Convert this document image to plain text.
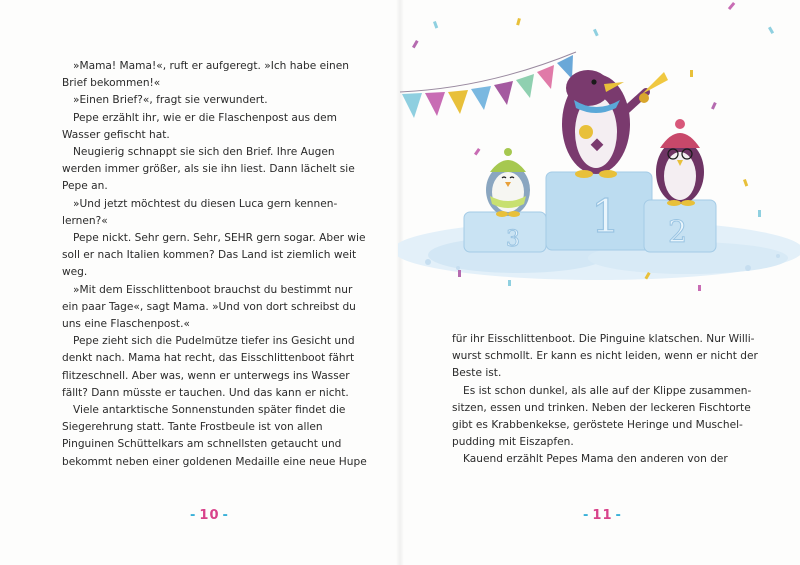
»Mama! Mama!«, ruft er aufgeregt. »Ich habe einen

Brief bekommen!«

»Einen Brief?«, fragt sie verwundert.

Pepe erzählt ihr, wie er die Flaschenpost aus dem

Wasser gefischt hat.

Neugierig schnappt sie sich den Brief. Ihre Augen

werden immer größer, als sie ihn liest. Dann lächelt sie

Pepe an.

»Und jetzt möchtest du diesen Luca gern kennen-

lernen?«

Pepe nickt. Sehr gern. Sehr, SEHR gern sogar. Aber wie

soll er nach Italien kommen? Das Land ist ziemlich weit

weg.

»Mit dem Eisschlittenboot brauchst du bestimmt nur

ein paar Tage«, sagt Mama. »Und von dort schreibst du

uns eine Flaschenpost.«

Pepe zieht sich die Pudelmütze tiefer ins Gesicht und

denkt nach. Mama hat recht, das Eisschlittenboot fährt

flitzeschnell. Aber was, wenn er unterwegs ins Wasser

fällt? Dann müsste er tauchen. Und das kann er nicht.

Viele antarktische Sonnenstunden später findet die

Siegerehrung statt. Tante Frostbeule ist von allen

Pinguinen Schüttelkars am schnellsten getaucht und

bekommt neben einer goldenen Medaille eine neue Hupe

- 10 -	- 11 -

für ihr Eisschlittenboot. Die Pinguine klatschen. Nur Willi-

wurst schmollt. Er kann es nicht leiden, wenn er nicht der

Beste ist.

Es ist schon dunkel, als alle auf der Klippe zusammen-

sitzen, essen und trinken. Neben der leckeren Fischtorte

gibt es Krabbenkekse, geröstete Heringe und Muschel-

pudding mit Eiszapfen.

Kauend erzählt Pepes Mama den anderen von der

1 2
3
